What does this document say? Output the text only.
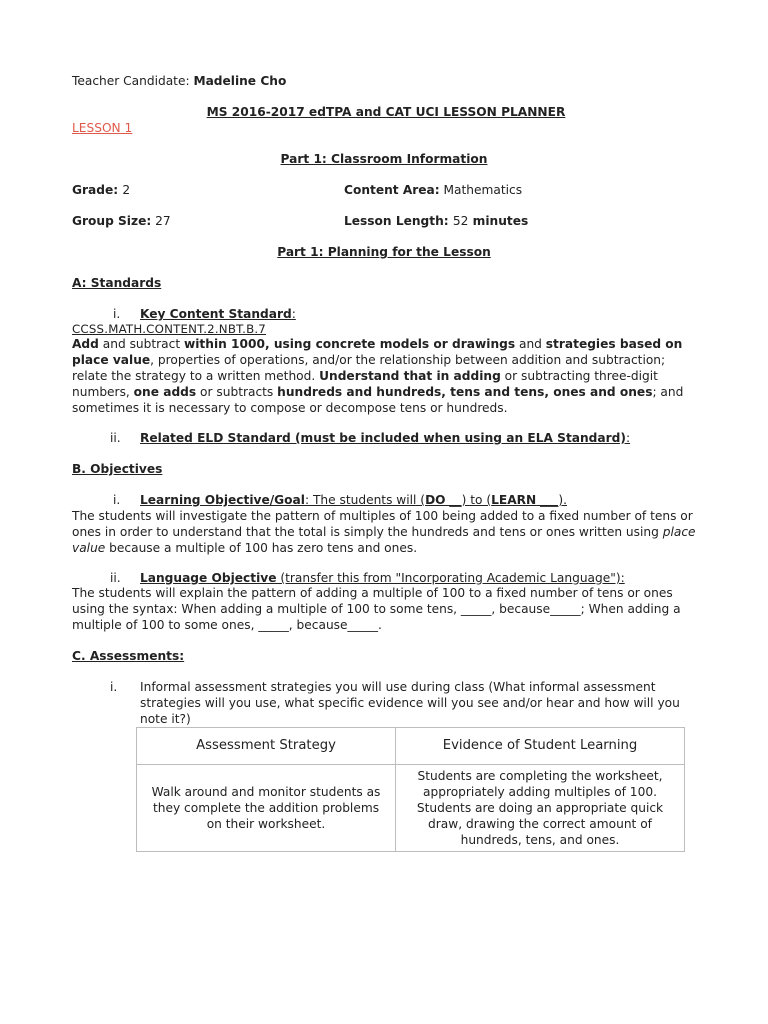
Teacher Candidate: Madeline Cho
MS 2016-2017 edTPA and CAT UCI LESSON PLANNER
LESSON 1
Part 1: Classroom Information
Grade: 2	Content Area: Mathematics
Group Size: 27	Lesson Length: 52 minutes
Part 1: Planning for the Lesson
A: Standards
i. Key Content Standard:
CCSS.MATH.CONTENT.2.NBT.B.7
Add and subtract within 1000, using concrete models or drawings and strategies based on place value, properties of operations, and/or the relationship between addition and subtraction; relate the strategy to a written method. Understand that in adding or subtracting three-digit numbers, one adds or subtracts hundreds and hundreds, tens and tens, ones and ones; and sometimes it is necessary to compose or decompose tens or hundreds.
ii. Related ELD Standard (must be included when using an ELA Standard):
B. Objectives
i. Learning Objective/Goal: The students will (DO __) to (LEARN ___).
The students will investigate the pattern of multiples of 100 being added to a fixed number of tens or ones in order to understand that the total is simply the hundreds and tens or ones written using place value because a multiple of 100 has zero tens and ones.
ii. Language Objective (transfer this from "Incorporating Academic Language"):
The students will explain the pattern of adding a multiple of 100 to a fixed number of tens or ones using the syntax: When adding a multiple of 100 to some tens, _____, because_____; When adding a multiple of 100 to some ones, _____, because_____.
C. Assessments:
i. Informal assessment strategies you will use during class (What informal assessment strategies will you use, what specific evidence will you see and/or hear and how will you note it?)
Assessment Strategy	Evidence of Student Learning
Walk around and monitor students as they complete the addition problems on their worksheet.	Students are completing the worksheet, appropriately adding multiples of 100. Students are doing an appropriate quick draw, drawing the correct amount of hundreds, tens, and ones.
